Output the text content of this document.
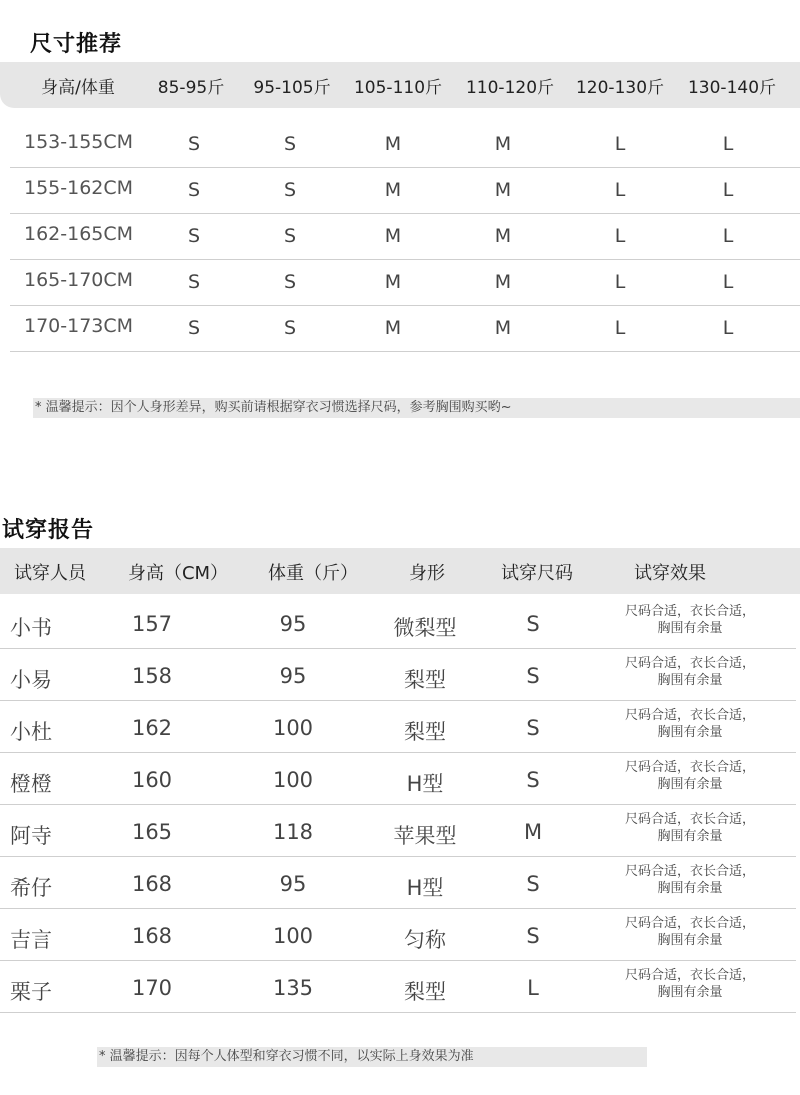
尺寸推荐
身高/体重	85-95斤 95-105斤 105-110斤 110-120斤 120-130斤 130-140斤
153-155CM	S	S	M	M	L	L
155-162CM	S	S	M	M	L	L
162-165CM	S	S	M	M	L	L
165-170CM	S	S	M	M	L	L
170-173CM	S	S	M	M	L	L
* 温馨提示：因个人身形差异，购买前请根据穿衣习惯选择尺码，参考胸围购买哟~
试穿报告
试穿人员 身高（CM） 体重（斤）	身形	试穿尺码	试穿效果
小书	157	95	微梨型	S
尺码合适，衣长合适，
胸围有余量
小易	158	95	梨型	S
尺码合适，衣长合适，
胸围有余量
小杜	162	100	梨型	S
尺码合适，衣长合适，
胸围有余量
橙橙	160	100	H型	S
尺码合适，衣长合适，
胸围有余量
阿寺	165	118	苹果型	M
尺码合适，衣长合适，
胸围有余量
希仔	168	95	H型	S
尺码合适，衣长合适，
胸围有余量
吉言	168	100	匀称	S
尺码合适，衣长合适，
胸围有余量
栗子	170	135	梨型	L
尺码合适，衣长合适，
胸围有余量
* 温馨提示：因每个人体型和穿衣习惯不同，以实际上身效果为准
